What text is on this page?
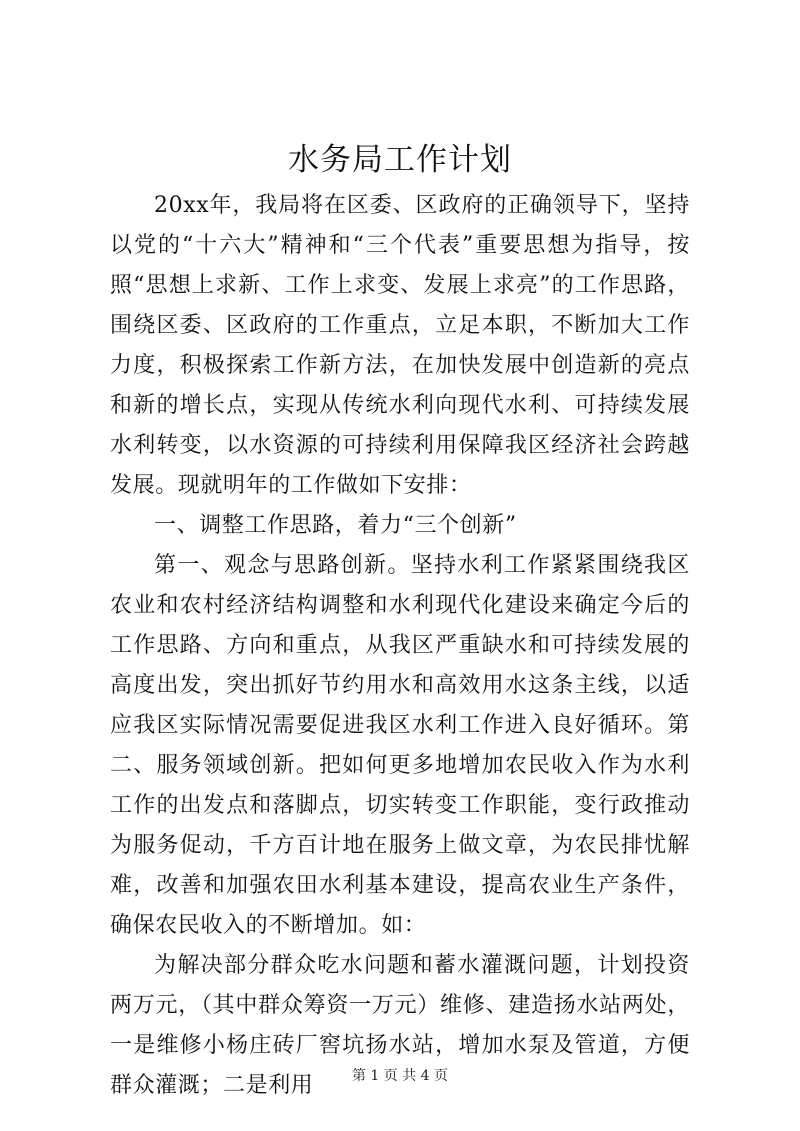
水务局工作计划

20xx年，我局将在区委、区政府的正确领导下，坚持以党的“十六大”精神和“三个代表”重要思想为指导，按照“思想上求新、工作上求变、发展上求亮”的工作思路，围绕区委、区政府的工作重点，立足本职，不断加大工作力度，积极探索工作新方法，在加快发展中创造新的亮点和新的增长点，实现从传统水利向现代水利、可持续发展水利转变，以水资源的可持续利用保障我区经济社会跨越发展。现就明年的工作做如下安排：

一、调整工作思路，着力“三个创新”

第一、观念与思路创新。坚持水利工作紧紧围绕我区农业和农村经济结构调整和水利现代化建设来确定今后的工作思路、方向和重点，从我区严重缺水和可持续发展的高度出发，突出抓好节约用水和高效用水这条主线，以适应我区实际情况需要促进我区水利工作进入良好循环。第二、服务领域创新。把如何更多地增加农民收入作为水利工作的出发点和落脚点，切实转变工作职能，变行政推动为服务促动，千方百计地在服务上做文章，为农民排忧解难，改善和加强农田水利基本建设，提高农业生产条件，确保农民收入的不断增加。如：

为解决部分群众吃水问题和蓄水灌溉问题，计划投资两万元，（其中群众筹资一万元）维修、建造扬水站两处，一是维修小杨庄砖厂窖坑扬水站，增加水泵及管道，方便群众灌溉；二是利用	第 1 页 共 4 页
